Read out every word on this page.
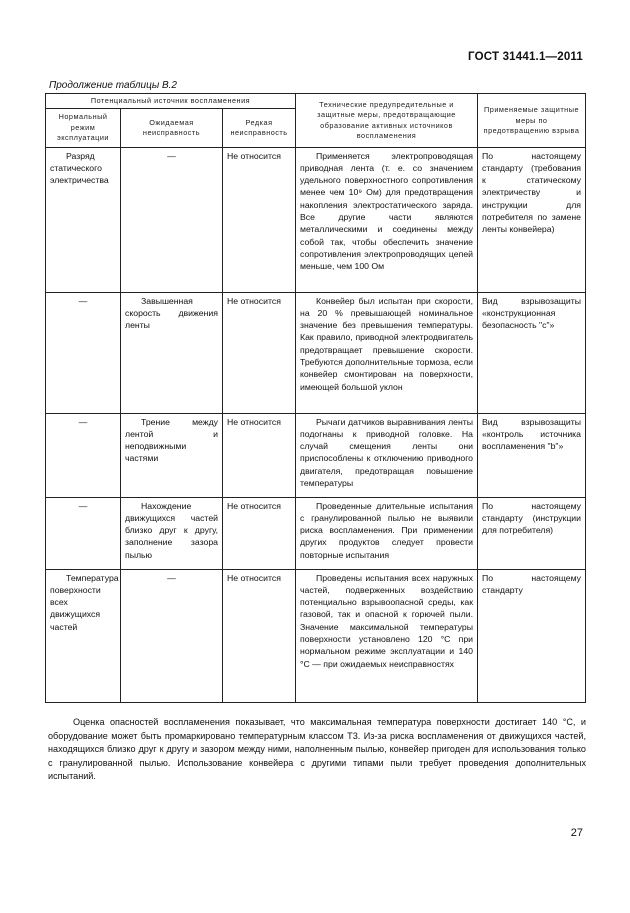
ГОСТ 31441.1—2011
Продолжение таблицы В.2
Потенциальный источник воспламенения			Технические предупредительные и защитные меры, предотвращающие образование активных источников воспламенения	Применяемые защитные меры по предотвращению взрыва
Нормальный режим эксплуатации	Ожидаемая неисправность	Редкая неисправность		
Разряд статического электричества	—	Не относится	Применяется электропроводящая приводная лента (т. е. со значением удельного поверхностного сопротивления менее чем 10⁹ Ом) для предотвращения накопления электростатического заряда. Все другие части являются металлическими и соединены между собой так, чтобы обеспечить значение сопротивления электропроводящих цепей меньше, чем 100 Ом	По настоящему стандарту (требования к статическому электричеству и инструкции для потребителя по замене ленты конвейера)
—	Завышенная скорость движения ленты	Не относится	Конвейер был испытан при скорости, на 20 % превышающей номинальное значение без превышения температуры. Как правило, приводной электродвигатель предотвращает превышение скорости. Требуются дополнительные тормоза, если конвейер смонтирован на поверхности, имеющей большой уклон	Вид взрывозащиты «конструкционная безопасность "с"»
—	Трение между лентой и неподвижными частями	Не относится	Рычаги датчиков выравнивания ленты подогнаны к приводной головке. На случай смещения ленты они приспособлены к отключению приводного двигателя, предотвращая повышение температуры	Вид взрывозащиты «контроль источника воспламенения "b"»
—	Нахождение движущихся частей близко друг к другу, заполнение зазора пылью	Не относится	Проведенные длительные испытания с гранулированной пылью не выявили риска воспламенения. При применении других продуктов следует провести повторные испытания	По настоящему стандарту (инструкции для потребителя)
Температура поверхности всех движущихся частей	—	Не относится	Проведены испытания всех наружных частей, подверженных воздействию потенциально взрывоопасной среды, как газовой, так и опасной к горючей пыли. Значение максимальной температуры поверхности установлено 120 °С при нормальном режиме эксплуатации и 140 °С — при ожидаемых неисправностях	По настоящему стандарту
Оценка опасностей воспламенения показывает, что максимальная температура поверхности достигает 140 °С, и оборудование может быть промаркировано температурным классом Т3. Из-за риска воспламенения от движущихся частей, находящихся близко друг к другу и зазором между ними, наполненным пылью, конвейер пригоден для использования только с гранулированной пылью. Использование конвейера с другими типами пыли требует проведения дополнительных испытаний.
27
